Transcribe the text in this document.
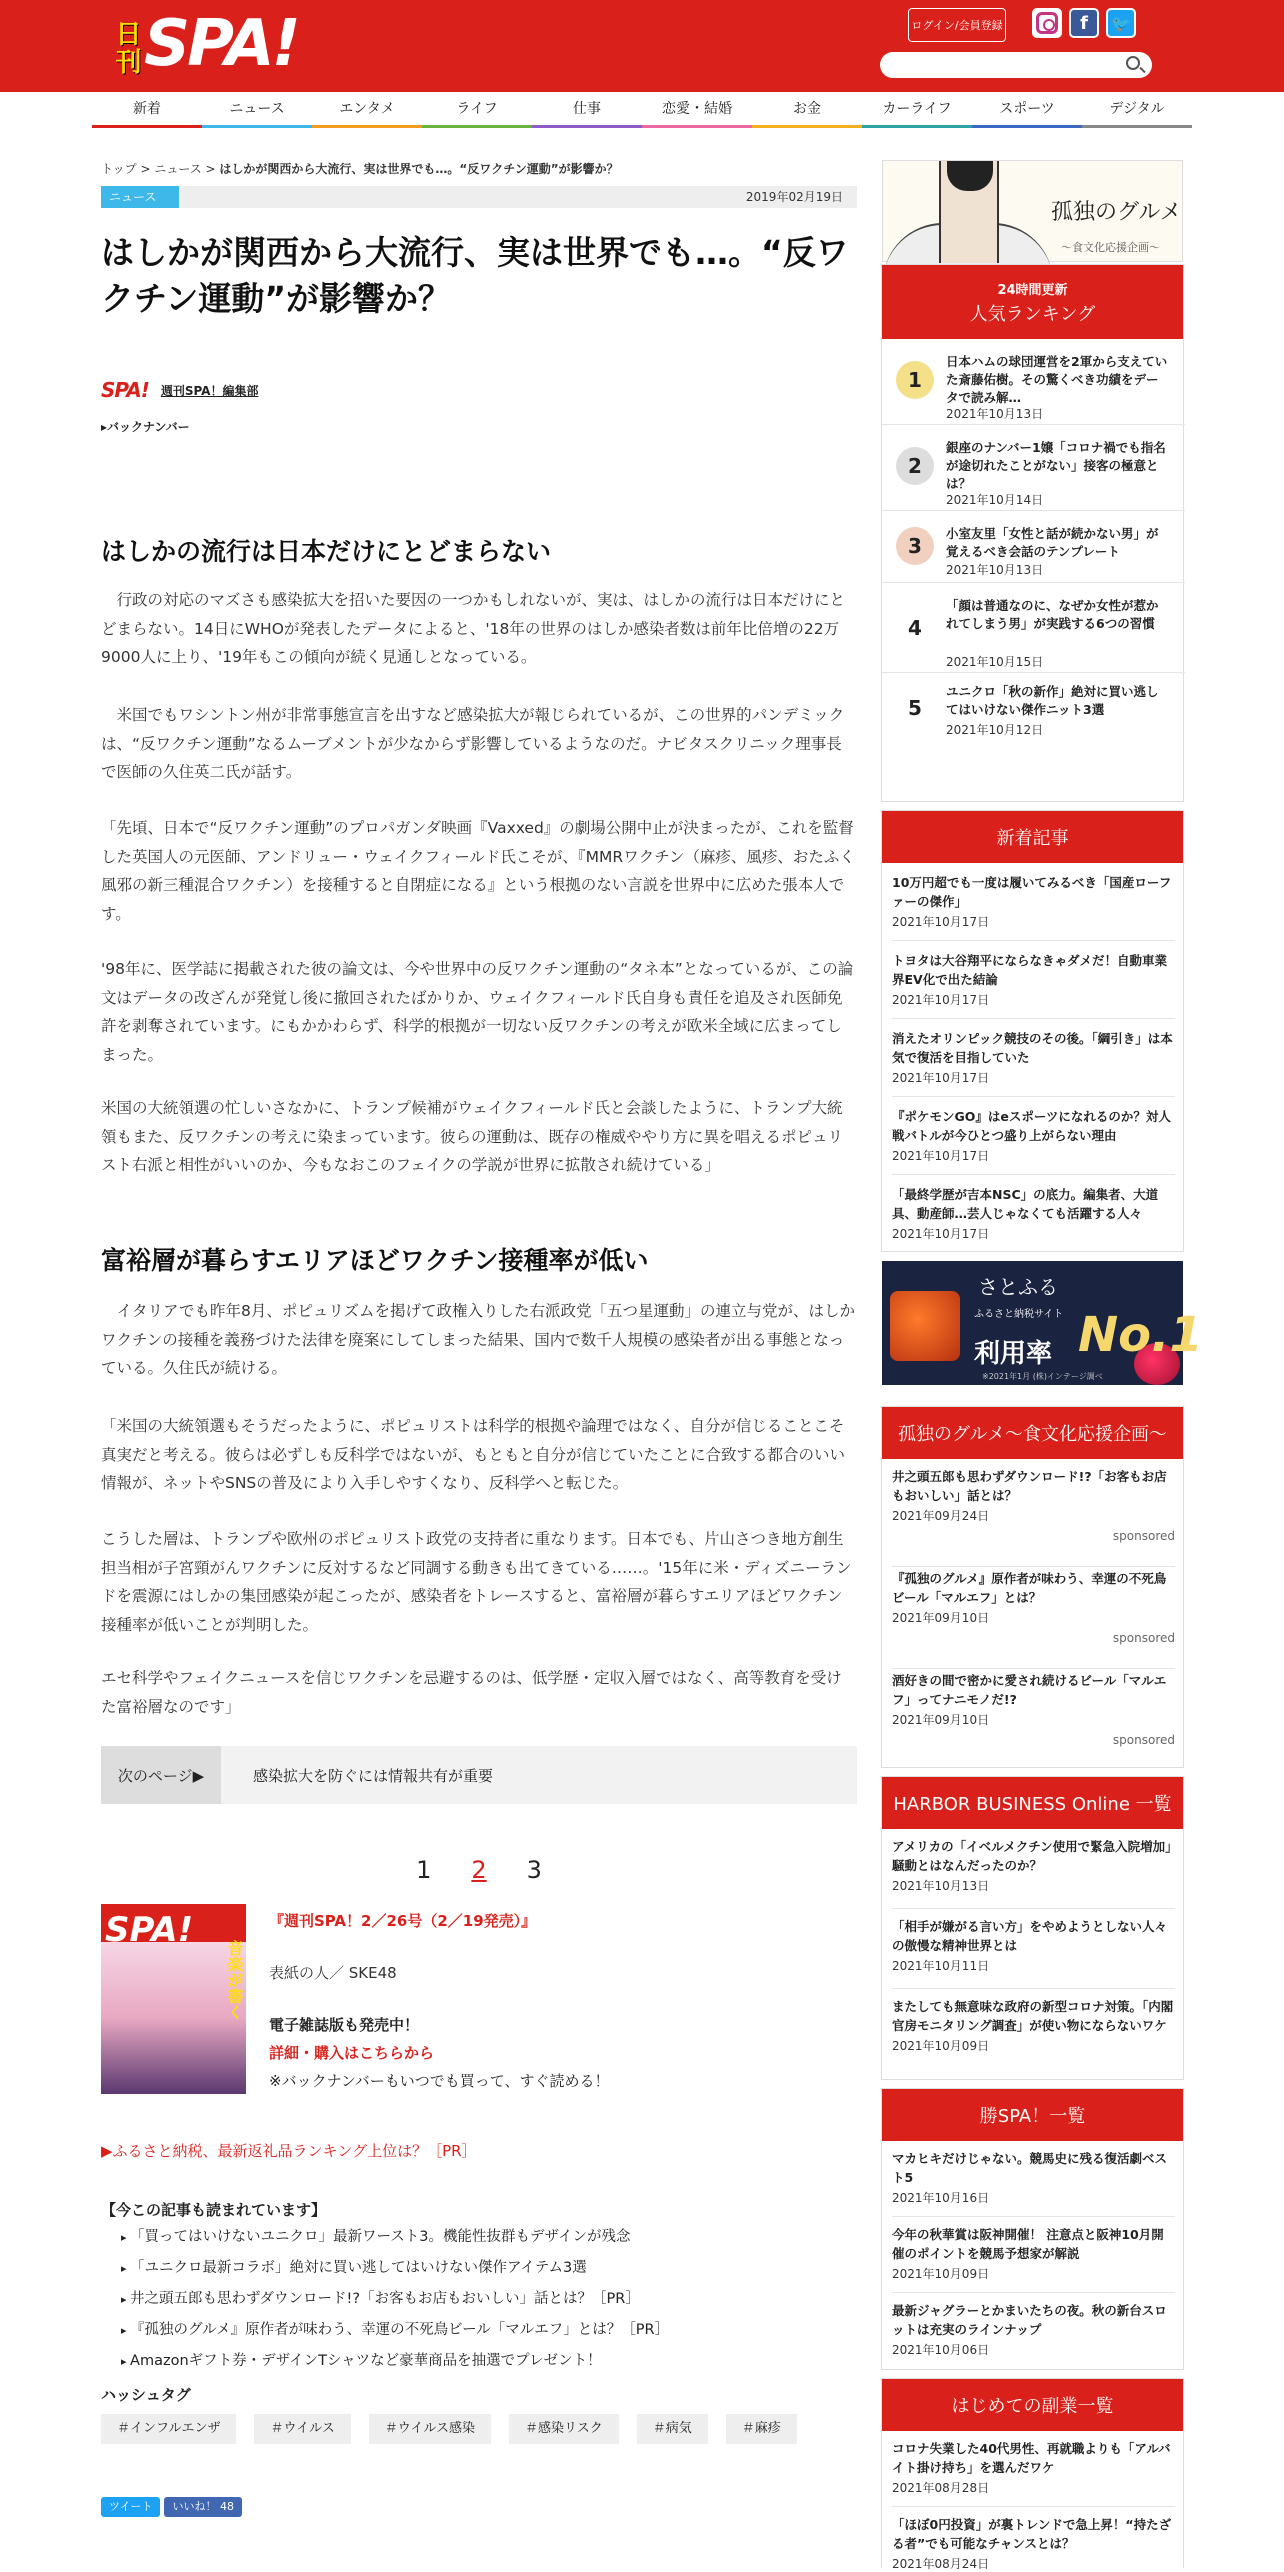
日刊 SPA!	ログイン/会員登録	f	🐦
新着	ニュース	エンタメ	ライフ	仕事	恋愛・結婚	お金	カーライフ	スポーツ	デジタル
トップ > ニュース > はしかが関西から大流行、実は世界でも…。“反ワクチン運動”が影響か？
ニュース	2019年02月19日
はしかが関西から大流行、実は世界でも…。“反ワクチン運動”が影響か？
SPA! 週刊SPA！編集部
▸バックナンバー
はしかの流行は日本だけにとどまらない

　行政の対応のマズさも感染拡大を招いた要因の一つかもしれないが、実は、はしかの流行は日本だけにとどまらない。14日にWHOが発表したデータによると、'18年の世界のはしか感染者数は前年比倍増の22万9000人に上り、'19年もこの傾向が続く見通しとなっている。

　米国でもワシントン州が非常事態宣言を出すなど感染拡大が報じられているが、この世界的パンデミックは、“反ワクチン運動”なるムーブメントが少なからず影響しているようなのだ。ナビタスクリニック理事長で医師の久住英二氏が話す。

「先頃、日本で“反ワクチン運動”のプロパガンダ映画『Vaxxed』の劇場公開中止が決まったが、これを監督した英国人の元医師、アンドリュー・ウェイクフィールド氏こそが、『MMRワクチン（麻疹、風疹、おたふく風邪の新三種混合ワクチン）を接種すると自閉症になる』という根拠のない言説を世界中に広めた張本人です。

'98年に、医学誌に掲載された彼の論文は、今や世界中の反ワクチン運動の“タネ本”となっているが、この論文はデータの改ざんが発覚し後に撤回されたばかりか、ウェイクフィールド氏自身も責任を追及され医師免許を剥奪されています。にもかかわらず、科学的根拠が一切ない反ワクチンの考えが欧米全域に広まってしまった。

米国の大統領選の忙しいさなかに、トランプ候補がウェイクフィールド氏と会談したように、トランプ大統領もまた、反ワクチンの考えに染まっています。彼らの運動は、既存の権威ややり方に異を唱えるポピュリスト右派と相性がいいのか、今もなおこのフェイクの学説が世界に拡散され続けている」

富裕層が暮らすエリアほどワクチン接種率が低い

　イタリアでも昨年8月、ポピュリズムを掲げて政権入りした右派政党「五つ星運動」の連立与党が、はしかワクチンの接種を義務づけた法律を廃案にしてしまった結果、国内で数千人規模の感染者が出る事態となっている。久住氏が続ける。

「米国の大統領選もそうだったように、ポピュリストは科学的根拠や論理ではなく、自分が信じることこそ真実だと考える。彼らは必ずしも反科学ではないが、もともと自分が信じていたことに合致する都合のいい情報が、ネットやSNSの普及により入手しやすくなり、反科学へと転じた。

こうした層は、トランプや欧州のポピュリスト政党の支持者に重なります。日本でも、片山さつき地方創生担当相が子宮頸がんワクチンに反対するなど同調する動きも出てきている……。'15年に米・ディズニーランドを震源にはしかの集団感染が起こったが、感染者をトレースすると、富裕層が暮らすエリアほどワクチン接種率が低いことが判明した。

エセ科学やフェイクニュースを信じワクチンを忌避するのは、低学歴・定収入層ではなく、高等教育を受けた富裕層なのです」

次のページ▶	感染拡大を防ぐには情報共有が重要
1 2 3
SPA!
音楽が書く
『週刊SPA！2／26号（2／19発売）』
表紙の人／ SKE48
電子雑誌版も発売中！
詳細・購入はこちらから
※バックナンバーもいつでも買って、すぐ読める！
▶ふるさと納税、最新返礼品ランキング上位は？［PR］
【今この記事も読まれています】
▸ 「買ってはいけないユニクロ」最新ワースト3。機能性抜群もデザインが残念
▸ 「ユニクロ最新コラボ」絶対に買い逃してはいけない傑作アイテム3選
▸ 井之頭五郎も思わずダウンロード!?「お客もお店もおいしい」話とは？［PR］
▸ 『孤独のグルメ』原作者が味わう、幸運の不死鳥ビール「マルエフ」とは？［PR］
▸ Amazonギフト券・デザインTシャツなど豪華商品を抽選でプレゼント！
ハッシュタグ
＃インフルエンザ	＃ウイルス	＃ウイルス感染	＃感染リスク	＃病気	＃麻疹
ツイート	いいね！ 48
孤独のグルメ
～食文化応援企画～
24時間更新
人気ランキング
1
日本ハムの球団運営を2軍から支えていた斎藤佑樹。その驚くべき功績をデータで読み解…
2021年10月13日
2
銀座のナンバー1嬢「コロナ禍でも指名が途切れたことがない」接客の極意とは？
2021年10月14日
3
小室友里「女性と話が続かない男」が覚えるべき会話のテンプレート
2021年10月13日
4
「顔は普通なのに、なぜか女性が惹かれてしまう男」が実践する6つの習慣
2021年10月15日
5
ユニクロ「秋の新作」絶対に買い逃してはいけない傑作ニット3選
2021年10月12日
新着記事
10万円超でも一度は履いてみるべき「国産ローファーの傑作」
2021年10月17日
トヨタは大谷翔平にならなきゃダメだ！自動車業界EV化で出た結論
2021年10月17日
消えたオリンピック競技のその後。「綱引き」は本気で復活を目指していた
2021年10月17日
『ポケモンGO』はeスポーツになれるのか？対人戦バトルが今ひとつ盛り上がらない理由
2021年10月17日
「最終学歴が吉本NSC」の底力。編集者、大道具、動産師…芸人じゃなくても活躍する人々
2021年10月17日
さとふる
ふるさと納税サイト
利用率 No.1
※2021年1月 (株)インテージ調べ
孤独のグルメ～食文化応援企画～
井之頭五郎も思わずダウンロード!?「お客もお店もおいしい」話とは？
2021年09月24日
sponsored
『孤独のグルメ』原作者が味わう、幸運の不死鳥ビール「マルエフ」とは？
2021年09月10日
sponsored
酒好きの間で密かに愛され続けるビール「マルエフ」ってナニモノだ!?
2021年09月10日
sponsored
HARBOR BUSINESS Online 一覧
アメリカの「イベルメクチン使用で緊急入院増加」騒動とはなんだったのか？
2021年10月13日
「相手が嫌がる言い方」をやめようとしない人々の傲慢な精神世界とは
2021年10月11日
またしても無意味な政府の新型コロナ対策。「内閣官房モニタリング調査」が使い物にならないワケ
2021年10月09日
勝SPA！一覧
マカヒキだけじゃない。競馬史に残る復活劇ベスト5
2021年10月16日
今年の秋華賞は阪神開催！ 注意点と阪神10月開催のポイントを競馬予想家が解説
2021年10月09日
最新ジャグラーとかまいたちの夜。秋の新台スロットは充実のラインナップ
2021年10月06日
はじめての副業一覧
コロナ失業した40代男性、再就職よりも「アルバイト掛け持ち」を選んだワケ
2021年08月28日
「ほぼ0円投資」が裏トレンドで急上昇！“持たざる者”でも可能なチャンスとは？
2021年08月24日
